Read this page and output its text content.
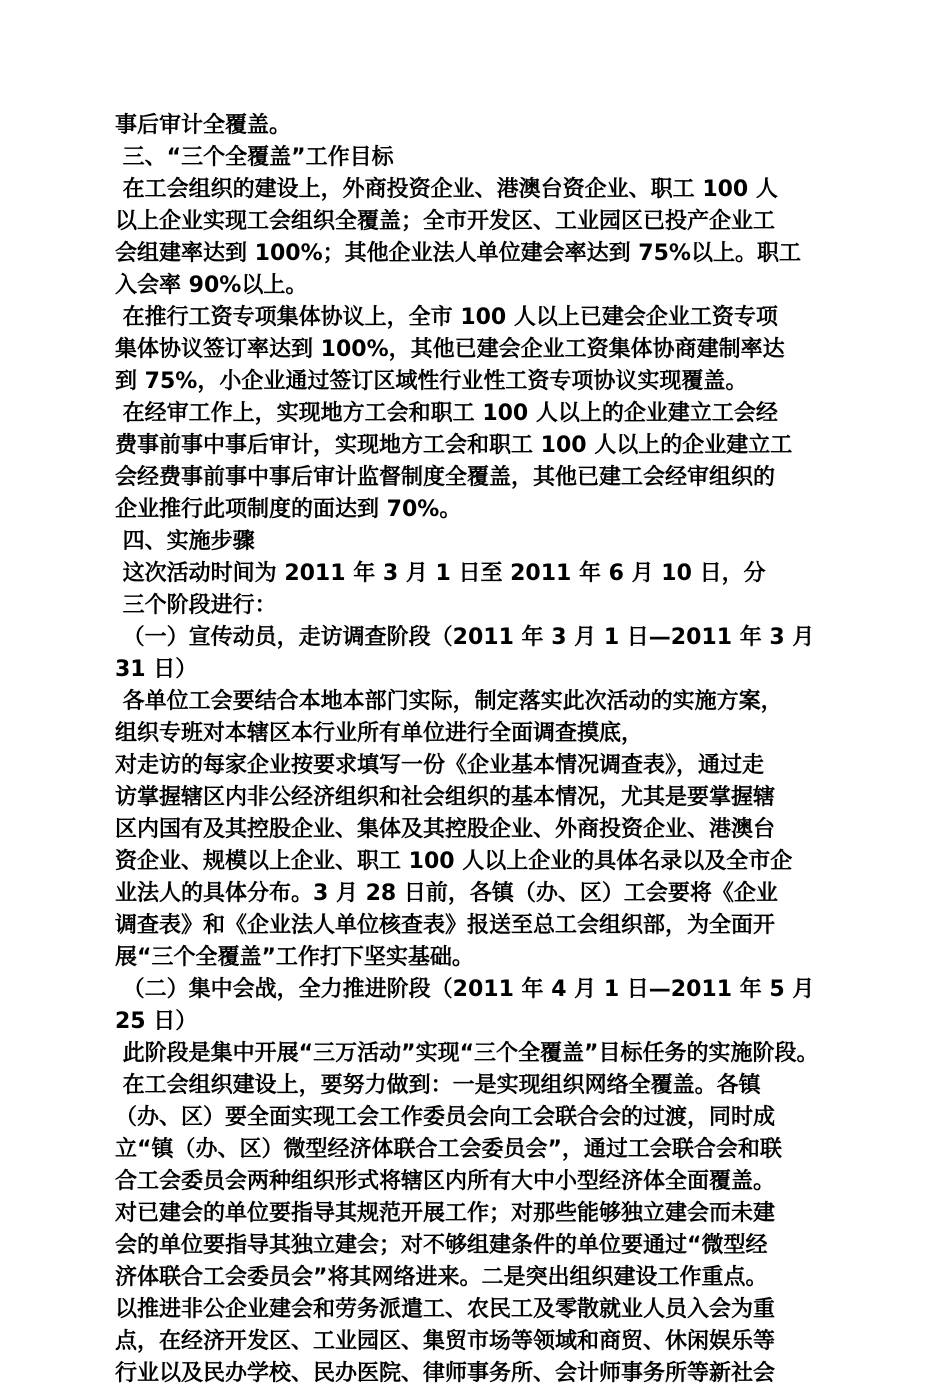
事后审计全覆盖。
三、“三个全覆盖”工作目标
在工会组织的建设上，外商投资企业、港澳台资企业、职工 100 人
以上企业实现工会组织全覆盖；全市开发区、工业园区已投产企业工
会组建率达到 100%；其他企业法人单位建会率达到 75%以上。职工
入会率 90%以上。
在推行工资专项集体协议上，全市 100 人以上已建会企业工资专项
集体协议签订率达到 100%，其他已建会企业工资集体协商建制率达
到 75%，小企业通过签订区域性行业性工资专项协议实现覆盖。
在经审工作上，实现地方工会和职工 100 人以上的企业建立工会经
费事前事中事后审计，实现地方工会和职工 100 人以上的企业建立工
会经费事前事中事后审计监督制度全覆盖，其他已建工会经审组织的
企业推行此项制度的面达到 70%。
四、实施步骤
这次活动时间为 2011 年 3 月 1 日至 2011 年 6 月 10 日，分
三个阶段进行：
（一）宣传动员，走访调查阶段（2011 年 3 月 1 日—2011 年 3 月
31 日）
各单位工会要结合本地本部门实际，制定落实此次活动的实施方案，
组织专班对本辖区本行业所有单位进行全面调查摸底，
对走访的每家企业按要求填写一份《企业基本情况调查表》，通过走
访掌握辖区内非公经济组织和社会组织的基本情况，尤其是要掌握辖
区内国有及其控股企业、集体及其控股企业、外商投资企业、港澳台
资企业、规模以上企业、职工 100 人以上企业的具体名录以及全市企
业法人的具体分布。3 月 28 日前，各镇（办、区）工会要将《企业
调查表》和《企业法人单位核查表》报送至总工会组织部，为全面开
展“三个全覆盖”工作打下坚实基础。
（二）集中会战，全力推进阶段（2011 年 4 月 1 日—2011 年 5 月
25 日）
此阶段是集中开展“三万活动”实现“三个全覆盖”目标任务的实施阶段。
在工会组织建设上，要努力做到：一是实现组织网络全覆盖。各镇
（办、区）要全面实现工会工作委员会向工会联合会的过渡，同时成
立“镇（办、区）微型经济体联合工会委员会”，通过工会联合会和联
合工会委员会两种组织形式将辖区内所有大中小型经济体全面覆盖。
对已建会的单位要指导其规范开展工作；对那些能够独立建会而未建
会的单位要指导其独立建会；对不够组建条件的单位要通过“微型经
济体联合工会委员会”将其网络进来。二是突出组织建设工作重点。
以推进非公企业建会和劳务派遣工、农民工及零散就业人员入会为重
点，在经济开发区、工业园区、集贸市场等领域和商贸、休闲娱乐等
行业以及民办学校、民办医院、律师事务所、会计师事务所等新社会
